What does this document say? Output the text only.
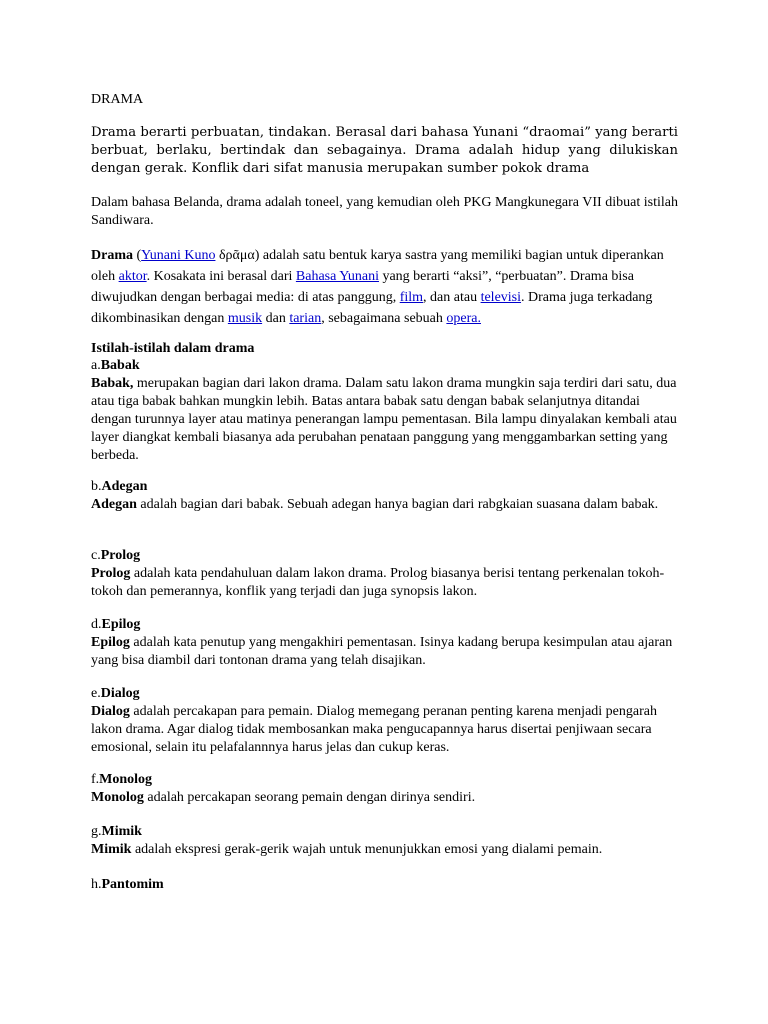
DRAMA

Drama berarti perbuatan, tindakan. Berasal dari bahasa Yunani “draomai” yang berarti berbuat, berlaku, bertindak dan sebagainya. Drama adalah hidup yang dilukiskan dengan gerak. Konflik dari sifat manusia merupakan sumber pokok drama

Dalam bahasa Belanda, drama adalah toneel, yang kemudian oleh PKG Mangkunegara VII dibuat istilah Sandiwara.

Drama (Yunani Kuno δρᾶμα) adalah satu bentuk karya sastra yang memiliki bagian untuk diperankan oleh aktor. Kosakata ini berasal dari Bahasa Yunani yang berarti “aksi”, “perbuatan”. Drama bisa diwujudkan dengan berbagai media: di atas panggung, film, dan atau televisi. Drama juga terkadang dikombinasikan dengan musik dan tarian, sebagaimana sebuah opera.

Istilah-istilah dalam drama

a.Babak
Babak, merupakan bagian dari lakon drama. Dalam satu lakon drama mungkin saja terdiri dari satu, dua atau tiga babak bahkan mungkin lebih. Batas antara babak satu dengan babak selanjutnya ditandai dengan turunnya layer atau matinya penerangan lampu pementasan. Bila lampu dinyalakan kembali atau layer diangkat kembali biasanya ada perubahan penataan panggung yang menggambarkan setting yang berbeda.
b.Adegan
Adegan adalah bagian dari babak. Sebuah adegan hanya bagian dari rabgkaian suasana dalam babak.
c.Prolog
Prolog adalah kata pendahuluan dalam lakon drama. Prolog biasanya berisi tentang perkenalan tokoh-tokoh dan pemerannya, konflik yang terjadi dan juga synopsis lakon.
d.Epilog
Epilog adalah kata penutup yang mengakhiri pementasan. Isinya kadang berupa kesimpulan atau ajaran yang bisa diambil dari tontonan drama yang telah disajikan.
e.Dialog
Dialog adalah percakapan para pemain. Dialog memegang peranan penting karena menjadi pengarah lakon drama. Agar dialog tidak membosankan maka pengucapannya harus disertai penjiwaan secara emosional, selain itu pelafalannnya harus jelas dan cukup keras.
f.Monolog
Monolog adalah percakapan seorang pemain dengan dirinya sendiri.
g.Mimik
Mimik adalah ekspresi gerak-gerik wajah untuk menunjukkan emosi yang dialami pemain.
h.Pantomim
